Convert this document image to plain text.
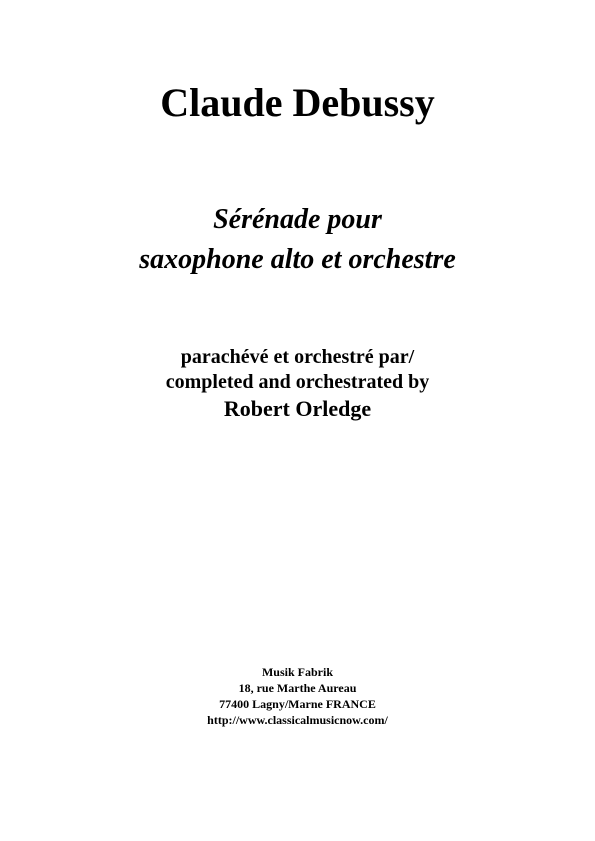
Claude Debussy
Sérénade pour
saxophone alto et orchestre
parachévé et orchestré par/
completed and orchestrated by
Robert Orledge
Musik Fabrik
18, rue Marthe Aureau
77400 Lagny/Marne FRANCE
http://www.classicalmusicnow.com/
